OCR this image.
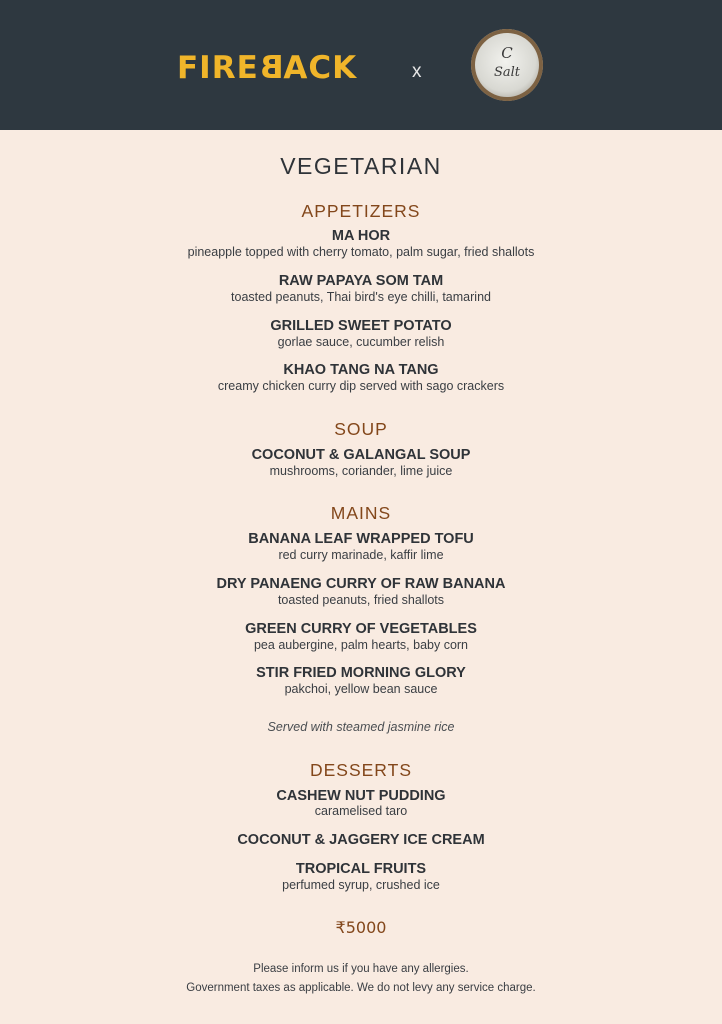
FIREBACK	x
C
Salt
VEGETARIAN
APPETIZERS
MA HOR
pineapple topped with cherry tomato, palm sugar, fried shallots
RAW PAPAYA SOM TAM
toasted peanuts, Thai bird's eye chilli, tamarind
GRILLED SWEET POTATO
gorlae sauce, cucumber relish
KHAO TANG NA TANG
creamy chicken curry dip served with sago crackers
SOUP
COCONUT & GALANGAL SOUP
mushrooms, coriander, lime juice
MAINS
BANANA LEAF WRAPPED TOFU
red curry marinade, kaffir lime
DRY PANAENG CURRY OF RAW BANANA
toasted peanuts, fried shallots
GREEN CURRY OF VEGETABLES
pea aubergine, palm hearts, baby corn
STIR FRIED MORNING GLORY
pakchoi, yellow bean sauce
Served with steamed jasmine rice
DESSERTS
CASHEW NUT PUDDING
caramelised taro
COCONUT & JAGGERY ICE CREAM
TROPICAL FRUITS
perfumed syrup, crushed ice
₹5000
Please inform us if you have any allergies.
Government taxes as applicable. We do not levy any service charge.
